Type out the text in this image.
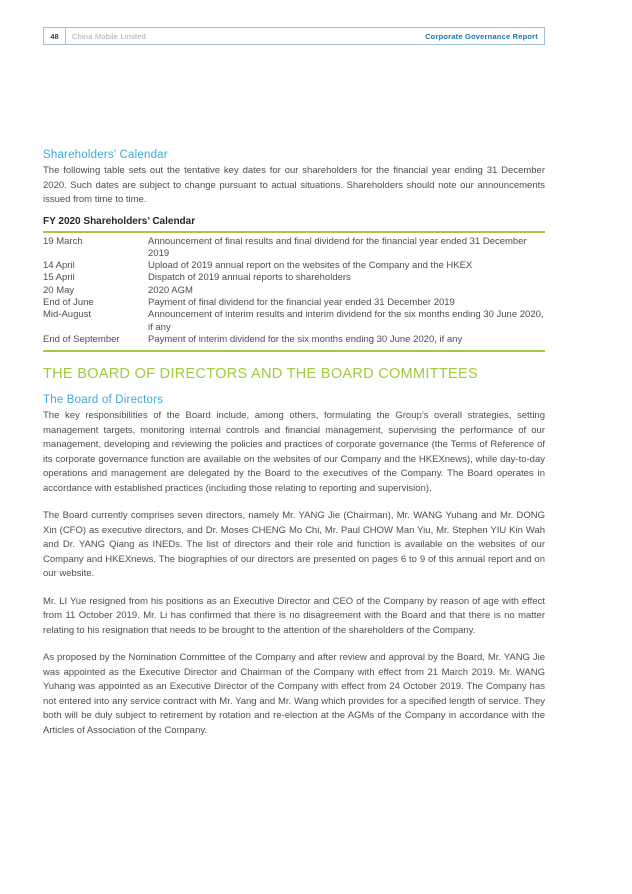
48	China Mobile Limited	Corporate Governance Report
Shareholders’ Calendar

The following table sets out the tentative key dates for our shareholders for the financial year ending 31 December 2020. Such dates are subject to change pursuant to actual situations. Shareholders should note our announcements issued from time to time.

FY 2020 Shareholders’ Calendar
19 March	Announcement of final results and final dividend for the financial year ended 31 December 2019
14 April	Upload of 2019 annual report on the websites of the Company and the HKEX
15 April	Dispatch of 2019 annual reports to shareholders
20 May	2020 AGM
End of June	Payment of final dividend for the financial year ended 31 December 2019
Mid-August	Announcement of interim results and interim dividend for the six months ending 30 June 2020, if any
End of September	Payment of interim dividend for the six months ending 30 June 2020, if any
THE BOARD OF DIRECTORS AND THE BOARD COMMITTEES
The Board of Directors

The key responsibilities of the Board include, among others, formulating the Group’s overall strategies, setting management targets, monitoring internal controls and financial management, supervising the performance of our management, developing and reviewing the policies and practices of corporate governance (the Terms of Reference of its corporate governance function are available on the websites of our Company and the HKEXnews), while day-to-day operations and management are delegated by the Board to the executives of the Company. The Board operates in accordance with established practices (including those relating to reporting and supervision).

The Board currently comprises seven directors, namely Mr. YANG Jie (Chairman), Mr. WANG Yuhang and Mr. DONG Xin (CFO) as executive directors, and Dr. Moses CHENG Mo Chi, Mr. Paul CHOW Man Yiu, Mr. Stephen YIU Kin Wah and Dr. YANG Qiang as INEDs. The list of directors and their role and function is available on the websites of our Company and HKEXnews. The biographies of our directors are presented on pages 6 to 9 of this annual report and on our website.

Mr. LI Yue resigned from his positions as an Executive Director and CEO of the Company by reason of age with effect from 11 October 2019. Mr. Li has confirmed that there is no disagreement with the Board and that there is no matter relating to his resignation that needs to be brought to the attention of the shareholders of the Company.

As proposed by the Nomination Committee of the Company and after review and approval by the Board, Mr. YANG Jie was appointed as the Executive Director and Chairman of the Company with effect from 21 March 2019. Mr. WANG Yuhang was appointed as an Executive Director of the Company with effect from 24 October 2019. The Company has not entered into any service contract with Mr. Yang and Mr. Wang which provides for a specified length of service. They both will be duly subject to retirement by rotation and re-election at the AGMs of the Company in accordance with the Articles of Association of the Company.
